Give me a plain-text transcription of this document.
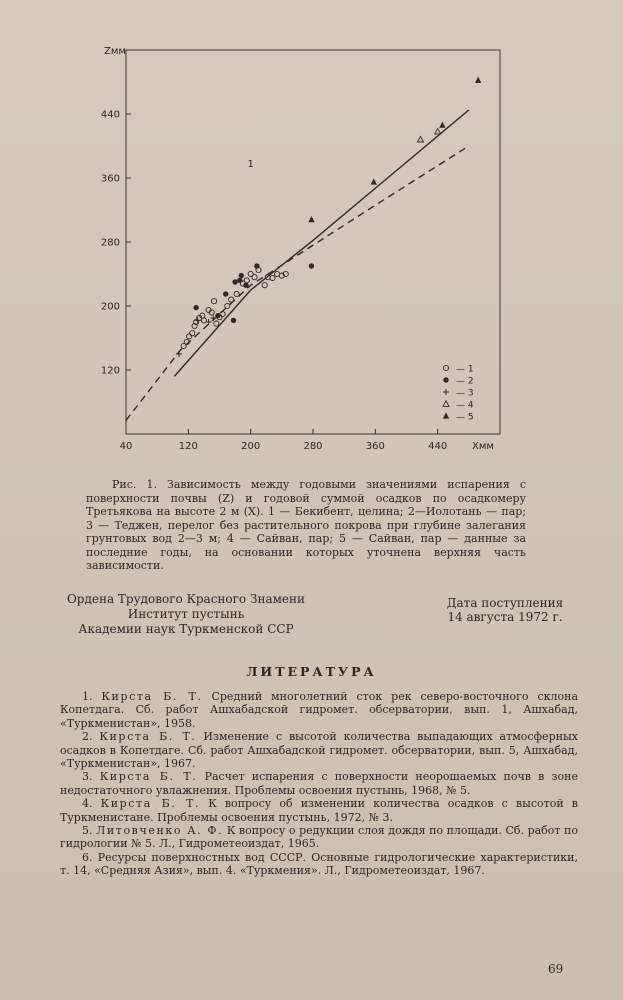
40	120	200	280	360	440
120
200
280
360
440
1
Zмм
Хмм
— 1
— 2
— 3
— 4
— 5

Рис. 1. Зависимость между годовыми значениями испарения с поверхности почвы (Z) и годовой суммой осадков по осадкомеру Третьякова на высоте 2 м (X). 1 — Бекибент, целина; 2—Иолотань — пар; 3 — Теджен, перелог без растительного покрова при глубине залегания грунтовых вод 2—3 м; 4 — Сайван, пар; 5 — Сайван, пар — данные за последние годы, на основании которых уточнена верхняя часть зависимости.

Ордена Трудового Красного Знамени
Институт пустынь
Академии наук Туркменской ССР
Дата поступления
14 августа 1972 г.
ЛИТЕРАТУРА
1. Кирста Б. Т. Средний многолетний сток рек северо-восточного склона Копетдага. Сб. работ Ашхабадской гидромет. обсерватории, вып. 1, Ашхабад, «Туркменистан», 1958.
2. Кирста Б. Т. Изменение с высотой количества выпадающих атмосферных осадков в Копетдаге. Сб. работ Ашхабадской гидромет. обсерватории, вып. 5, Ашхабад, «Туркменистан», 1967.
3. Кирста Б. Т. Расчет испарения с поверхности неорошаемых почв в зоне недостаточного увлажнения. Проблемы освоения пустынь, 1968, № 5.
4. Кирста Б. Т. К вопросу об изменении количества осадков с высотой в Туркменистане. Проблемы освоения пустынь, 1972, № 3.
5. Литовченко А. Ф. К вопросу о редукции слоя дождя по площади. Сб. работ по гидрологии № 5. Л., Гидрометеоиздат, 1965.
6. Ресурсы поверхностных вод СССР. Основные гидрологические характеристики, т. 14, «Средняя Азия», вып. 4. «Туркмения». Л., Гидрометеоиздат, 1967.
69
